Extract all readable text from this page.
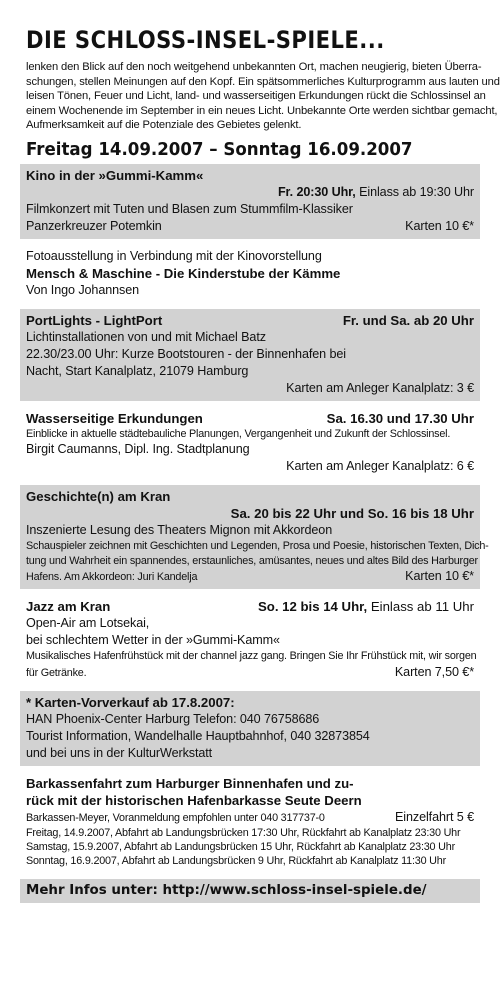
DIE SCHLOSS-INSEL-SPIELE...
lenken den Blick auf den noch weitgehend unbekannten Ort, machen neugierig, bieten Überra-
schungen, stellen Meinungen auf den Kopf. Ein spätsommerliches Kulturprogramm aus lauten und
leisen Tönen, Feuer und Licht, land- und wasserseitigen Erkundungen rückt die Schlossinsel an
einem Wochenende im September in ein neues Licht. Unbekannte Orte werden sichtbar gemacht,
Aufmerksamkeit auf die Potenziale des Gebietes gelenkt.
Freitag 14.09.2007 – Sonntag 16.09.2007
Kino in der »Gummi-Kamm«
Fr. 20:30 Uhr, Einlass ab 19:30 Uhr
Filmkonzert mit Tuten und Blasen zum Stummfilm-Klassiker
Panzerkreuzer Potemkin	Karten 10 €*
Fotoausstellung in Verbindung mit der Kinovorstellung
Mensch & Maschine - Die Kinderstube der Kämme
Von Ingo Johannsen
PortLights - LightPort	Fr. und Sa. ab 20 Uhr
Lichtinstallationen von und mit Michael Batz
22.30/23.00 Uhr: Kurze Bootstouren - der Binnenhafen bei
Nacht, Start Kanalplatz, 21079 Hamburg
Karten am Anleger Kanalplatz: 3 €
Wasserseitige Erkundungen	Sa. 16.30 und 17.30 Uhr
Einblicke in aktuelle städtebauliche Planungen, Vergangenheit und Zukunft der Schlossinsel.
Birgit Caumanns, Dipl. Ing. Stadtplanung
Karten am Anleger Kanalplatz: 6 €
Geschichte(n) am Kran
Sa. 20 bis 22 Uhr und So. 16 bis 18 Uhr
Inszenierte Lesung des Theaters Mignon mit Akkordeon
Schauspieler zeichnen mit Geschichten und Legenden, Prosa und Poesie, historischen Texten, Dich-
tung und Wahrheit ein spannendes, erstaunliches, amüsantes, neues und altes Bild des Harburger
Hafens. Am Akkordeon: Juri Kandelja	Karten 10 €*
Jazz am Kran	So. 12 bis 14 Uhr, Einlass ab 11 Uhr
Open-Air am Lotsekai,
bei schlechtem Wetter in der »Gummi-Kamm«
Musikalisches Hafenfrühstück mit der channel jazz gang. Bringen Sie Ihr Frühstück mit, wir sorgen
für Getränke.	Karten 7,50 €*
* Karten-Vorverkauf ab 17.8.2007:
HAN Phoenix-Center Harburg Telefon: 040 76758686
Tourist Information, Wandelhalle Hauptbahnhof, 040 32873854
und bei uns in der KulturWerkstatt
Barkassenfahrt zum Harburger Binnenhafen und zu-
rück mit der historischen Hafenbarkasse Seute Deern
Barkassen-Meyer, Voranmeldung empfohlen unter 040 317737-0	Einzelfahrt 5 €
Freitag, 14.9.2007, Abfahrt ab Landungsbrücken 17:30 Uhr, Rückfahrt ab Kanalplatz 23:30 Uhr
Samstag, 15.9.2007, Abfahrt ab Landungsbrücken 15 Uhr, Rückfahrt ab Kanalplatz 23:30 Uhr
Sonntag, 16.9.2007, Abfahrt ab Landungsbrücken 9 Uhr, Rückfahrt ab Kanalplatz 11:30 Uhr
Mehr Infos unter: http://www.schloss-insel-spiele.de/
